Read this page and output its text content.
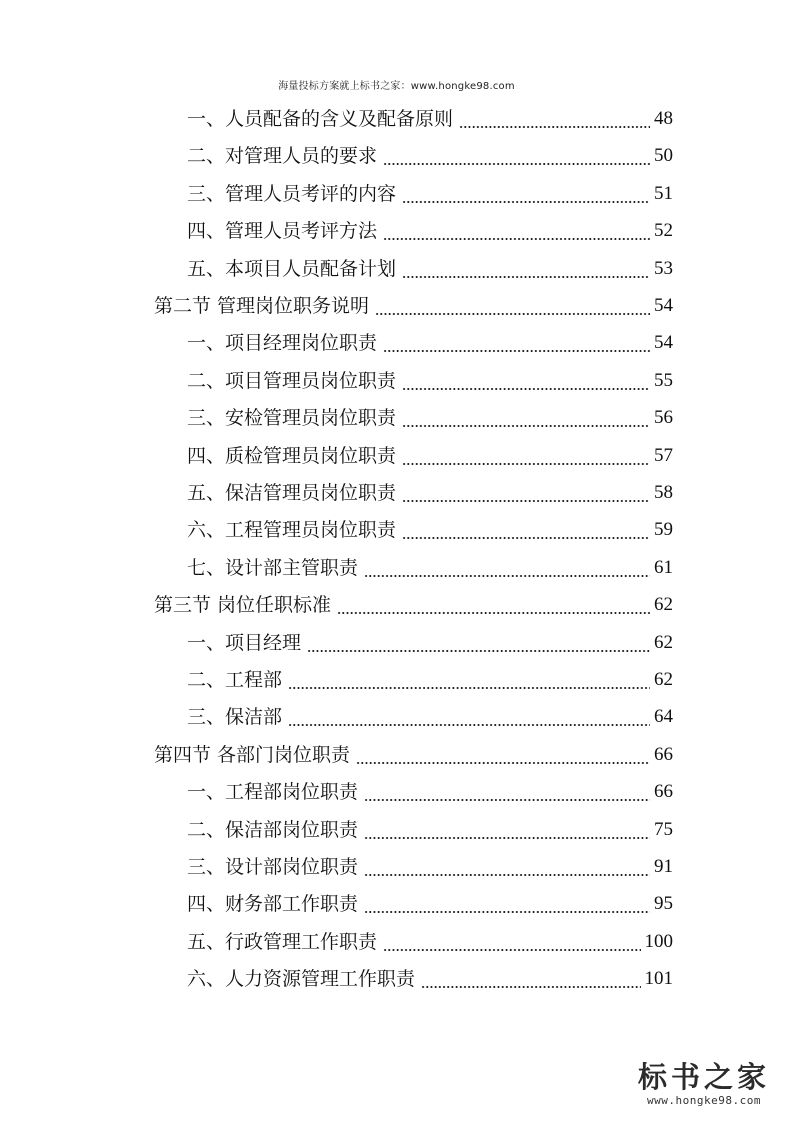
海量投标方案就上标书之家：www.hongke98.com
一、人员配备的含义及配备原则	48
二、对管理人员的要求	50
三、管理人员考评的内容	51
四、管理人员考评方法	52
五、本项目人员配备计划	53
第二节 管理岗位职务说明	54
一、项目经理岗位职责	54
二、项目管理员岗位职责	55
三、安检管理员岗位职责	56
四、质检管理员岗位职责	57
五、保洁管理员岗位职责	58
六、工程管理员岗位职责	59
七、设计部主管职责	61
第三节 岗位任职标准	62
一、项目经理	62
二、工程部	62
三、保洁部	64
第四节 各部门岗位职责	66
一、工程部岗位职责	66
二、保洁部岗位职责	75
三、设计部岗位职责	91
四、财务部工作职责	95
五、行政管理工作职责	100
六、人力资源管理工作职责	101
标书之家
www.hongke98.com
